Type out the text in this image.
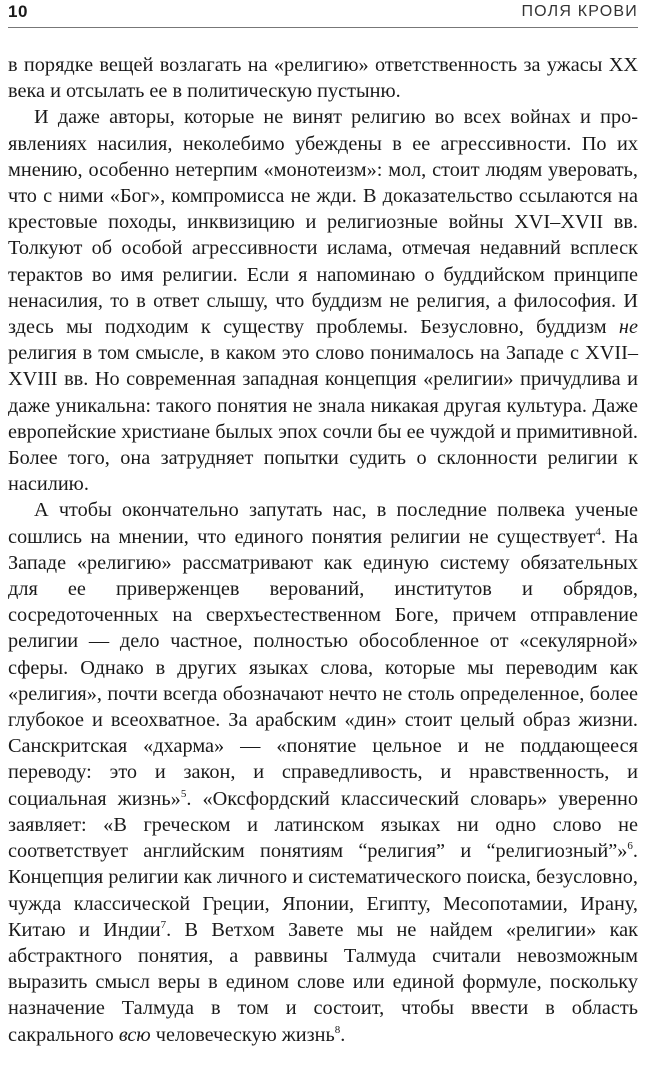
10	ПОЛЯ КРОВИ

в порядке вещей возлагать на «религию» ответственность за ужасы XX века и отсылать ее в политическую пустыню.

И даже авторы, которые не винят религию во всех войнах и проявлениях насилия, неколебимо убеждены в ее агрессивности. По их мнению, особенно нетерпим «монотеизм»: мол, стоит людям уверовать, что с ними «Бог», компромисса не жди. В доказательство ссылаются на крестовые походы, инквизицию и религиозные войны XVI–XVII вв. Толкуют об особой агрессивности ислама, отмечая недавний всплеск терактов во имя религии. Если я напоминаю о буддийском принципе ненасилия, то в ответ слышу, что буддизм не религия, а философия. И здесь мы подходим к существу проблемы. Безусловно, буддизм не религия в том смысле, в каком это слово понималось на Западе с XVII–XVIII вв. Но современная западная концепция «религии» причудлива и даже уникальна: такого понятия не знала никакая другая культура. Даже европейские христиане былых эпох сочли бы ее чуждой и примитивной. Более того, она затрудняет попытки судить о склонности религии к насилию.

А чтобы окончательно запутать нас, в последние полвека ученые сошлись на мнении, что единого понятия религии не существует$^4$. На Западе «религию» рассматривают как единую систему обязательных для ее приверженцев верований, институтов и обрядов, сосредоточенных на сверхъестественном Боге, причем отправление религии — дело частное, полностью обособленное от «секулярной» сферы. Однако в других языках слова, которые мы переводим как «религия», почти всегда обозначают нечто не столь определенное, более глубокое и всеохватное. За арабским «дин» стоит целый образ жизни. Санскритская «дхарма» — «понятие цельное и не поддающееся переводу: это и закон, и справедливость, и нравственность, и социальная жизнь»$^5$. «Оксфордский классический словарь» уверенно заявляет: «В греческом и латинском языках ни одно слово не соответствует английским понятиям “религия” и “религиозный”»$^6$. Концепция религии как личного и систематического поиска, безусловно, чужда классической Греции, Японии, Египту, Месопотамии, Ирану, Китаю и Индии$^7$. В Ветхом Завете мы не найдем «религии» как абстрактного понятия, а раввины Талмуда считали невозможным выразить смысл веры в едином слове или единой формуле, поскольку назначение Талмуда в том и состоит, чтобы ввести в область сакрального всю человеческую жизнь$^8$.
